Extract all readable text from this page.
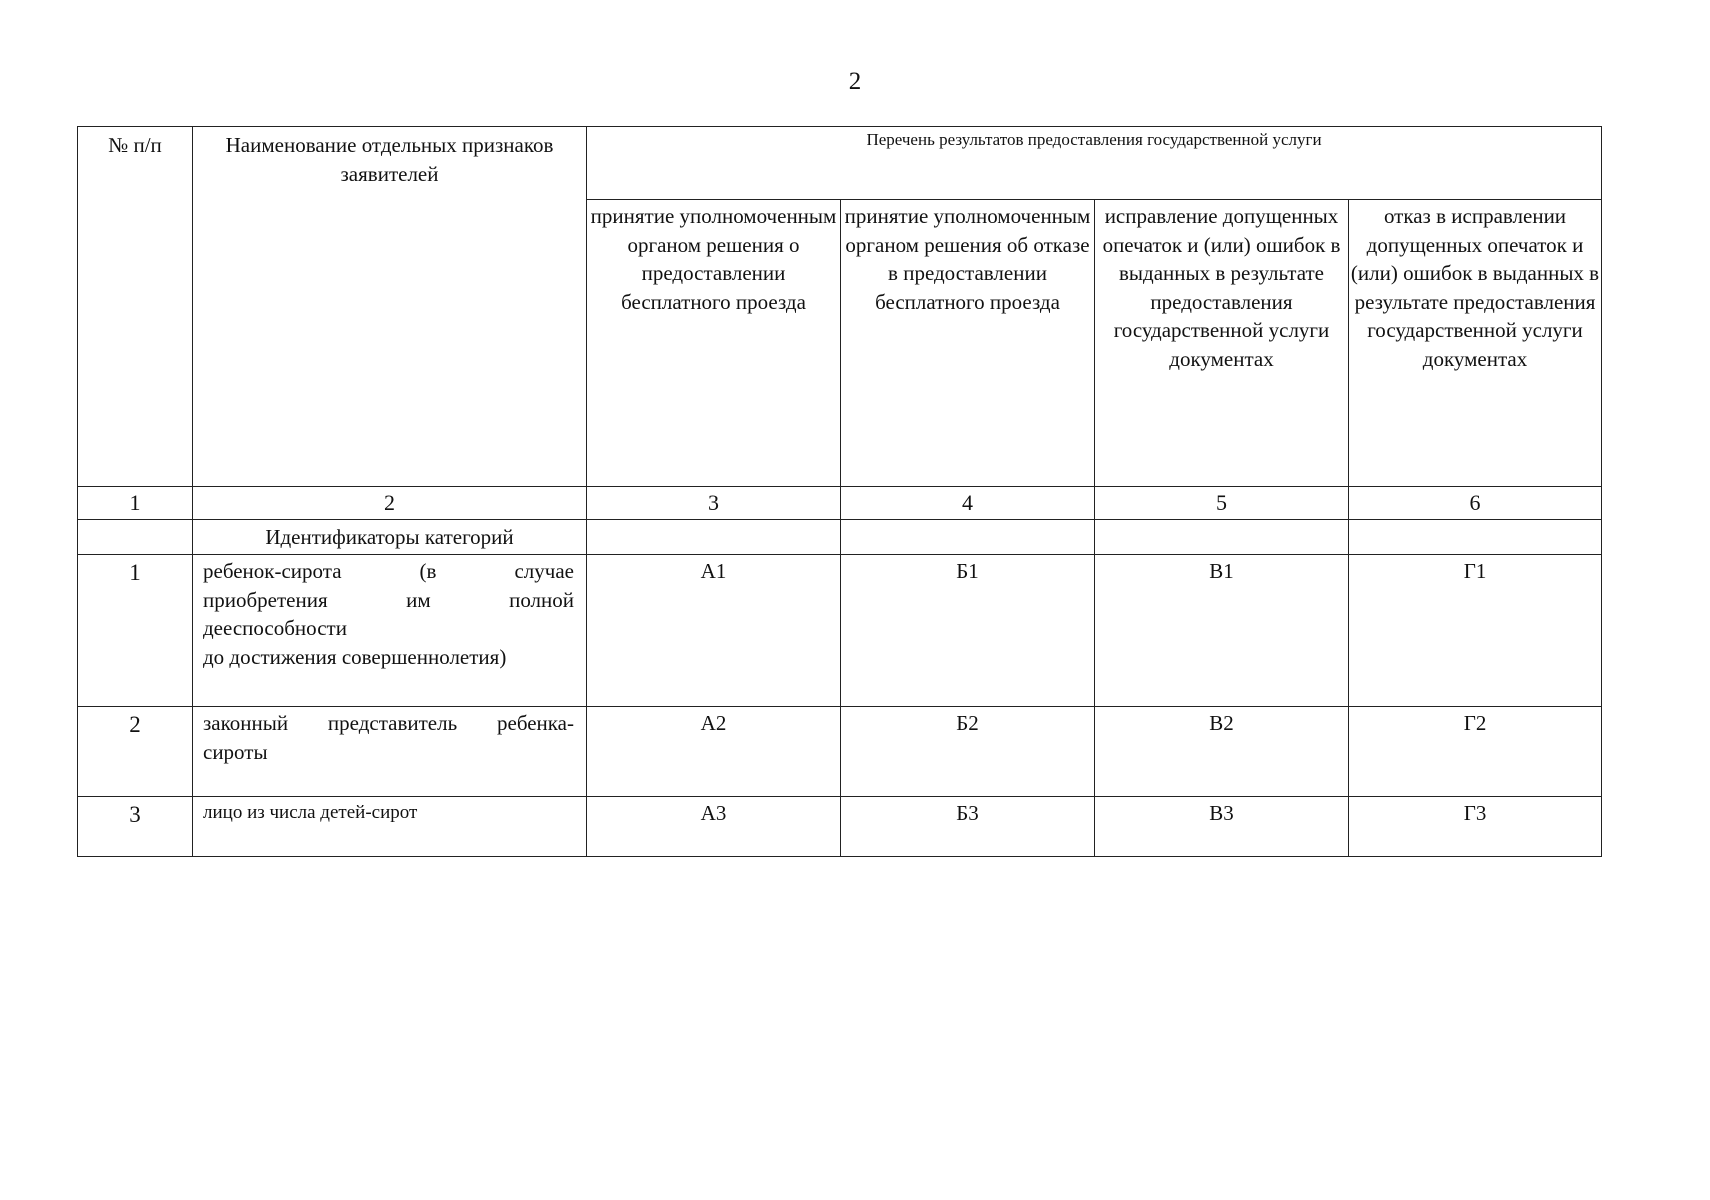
2
№ п/п	Наименование отдельных признаков заявителей	Перечень результатов предоставления государственной услуги			
		принятие уполномоченным органом решения о предоставлении бесплатного проезда	принятие уполномоченным органом решения об отказе в предоставлении бесплатного проезда	исправление допущенных опечаток и (или) ошибок в выданных в результате предоставления государственной услуги документах	отказ в исправлении допущенных опечаток и (или) ошибок в выданных в результате предоставления государственной услуги документах
1	2	3	4	5	6
	Идентификаторы категорий				
1	ребенок-сирота (в случае
приобретения им полной
дееспособности
до достижения совершеннолетия)	А1	Б1	В1	Г1
2	законный представитель ребенка-
сироты	А2	Б2	В2	Г2
3	лицо из числа детей-сирот	А3	Б3	В3	Г3
